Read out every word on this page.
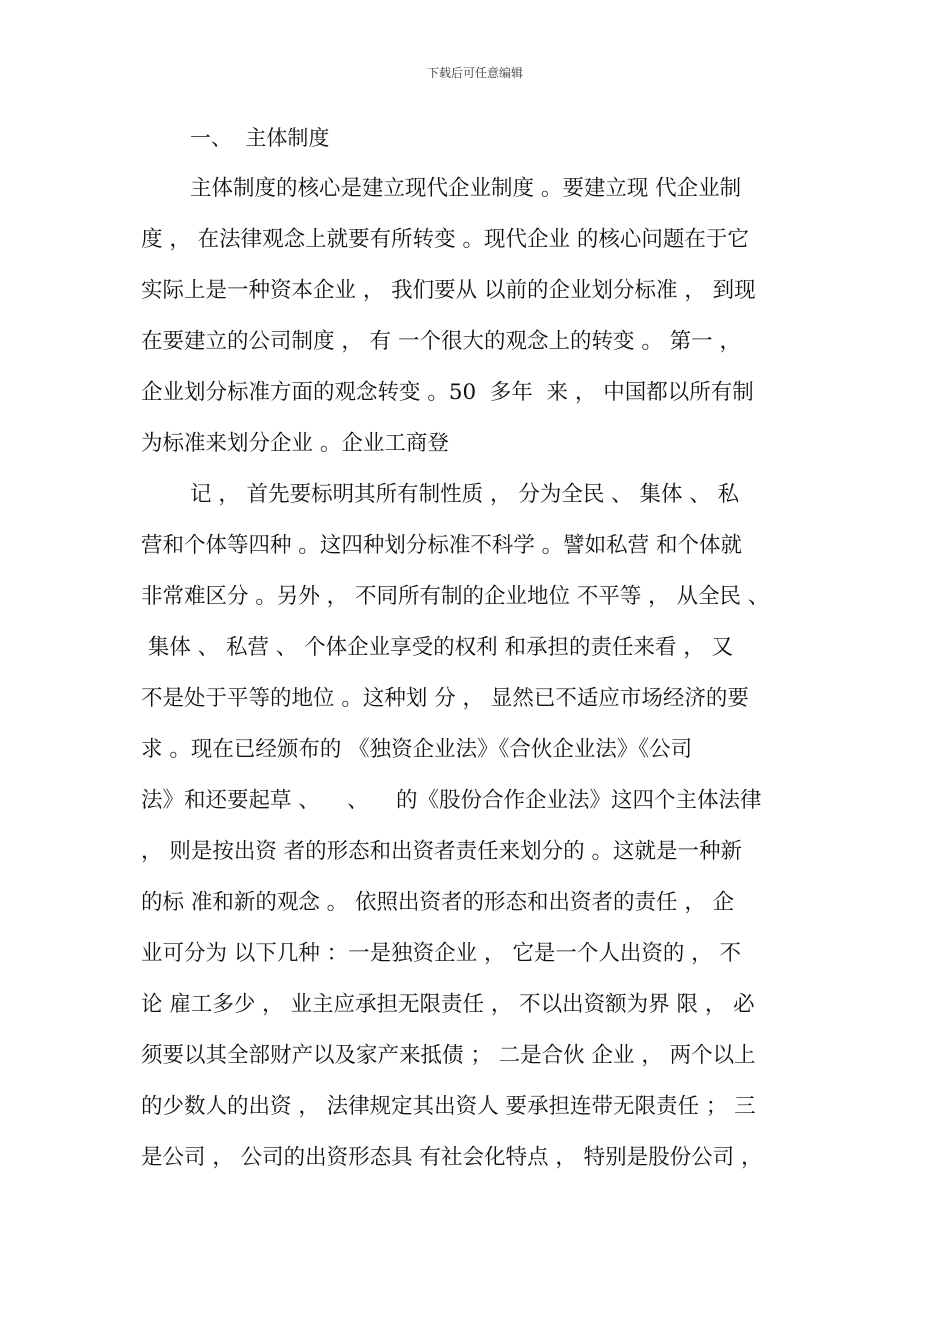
下载后可任意编辑
一、  主体制度
主体制度的核心是建立现代企业制度 。要建立现 代企业制
度 ， 在法律观念上就要有所转变 。现代企业 的核心问题在于它
实际上是一种资本企业 ， 我们要从 以前的企业划分标准 ， 到现
在要建立的公司制度 ， 有 一个很大的观念上的转变 。 第一 ，
企业划分标准方面的观念转变 。50  多年  来 ， 中国都以所有制
为标准来划分企业 。企业工商登
记 ， 首先要标明其所有制性质 ， 分为全民 、 集体 、 私
营和个体等四种 。这四种划分标准不科学 。譬如私营 和个体就
非常难区分 。另外 ， 不同所有制的企业地位 不平等 ， 从全民 、
集体 、 私营 、 个体企业享受的权利 和承担的责任来看 ， 又
不是处于平等的地位 。这种划 分 ， 显然已不适应市场经济的要
求 。现在已经颁布的 《独资企业法》《合伙企业法》《公司
法》和还要起草 、    、    的《股份合作企业法》这四个主体法律
， 则是按出资 者的形态和出资者责任来划分的 。这就是一种新
的标 准和新的观念 。 依照出资者的形态和出资者的责任 ， 企
业可分为 以下几种 ：一是独资企业 ， 它是一个人出资的 ， 不
论 雇工多少 ， 业主应承担无限责任 ， 不以出资额为界 限 ， 必
须要以其全部财产以及家产来抵债 ； 二是合伙 企业 ， 两个以上
的少数人的出资 ， 法律规定其出资人 要承担连带无限责任 ； 三
是公司 ， 公司的出资形态具 有社会化特点 ， 特别是股份公司 ，
